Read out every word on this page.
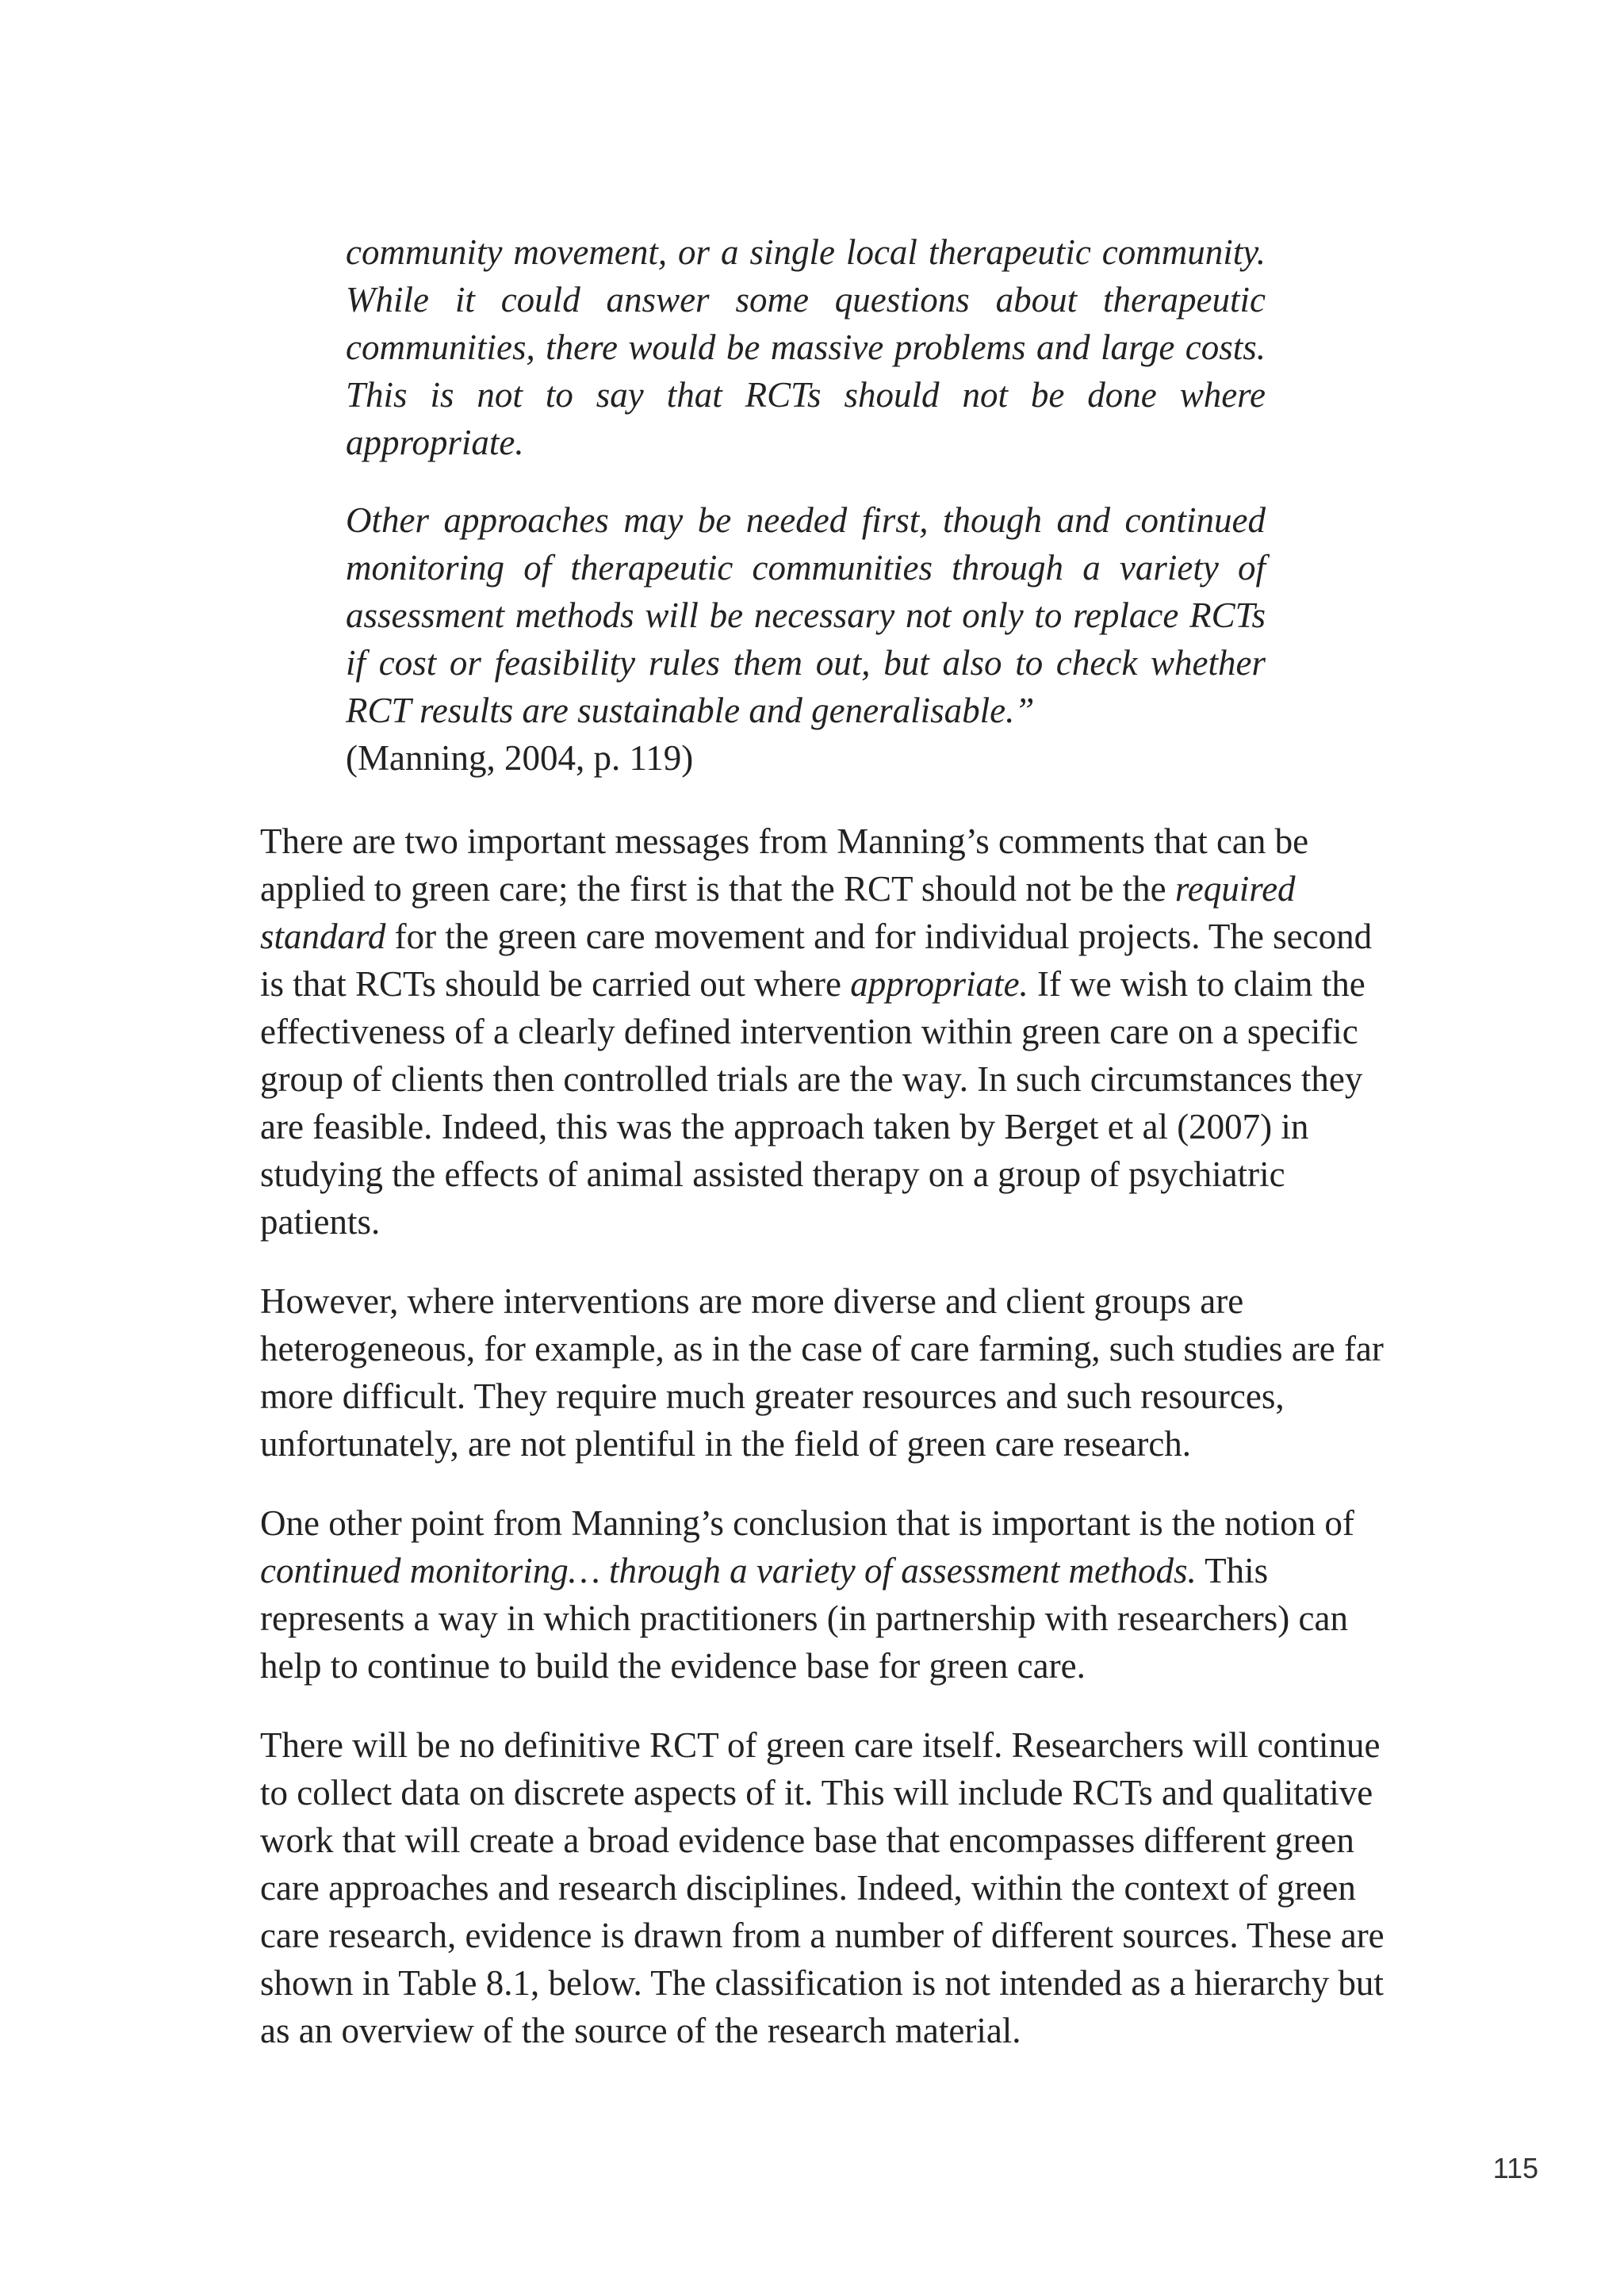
community movement, or a single local therapeutic community. While it could answer some questions about therapeutic communities, there would be massive problems and large costs. This is not to say that RCTs should not be done where appropriate.

Other approaches may be needed first, though and continued monitoring of therapeutic communities through a variety of assessment methods will be necessary not only to replace RCTs if cost or feasibility rules them out, but also to check whether RCT results are sustainable and generalisable.”
(Manning, 2004, p. 119)

There are two important messages from Manning’s comments that can be applied to green care; the first is that the RCT should not be the required standard for the green care movement and for individual projects. The second is that RCTs should be carried out where appropriate. If we wish to claim the effectiveness of a clearly defined intervention within green care on a specific group of clients then controlled trials are the way. In such circumstances they are feasible. Indeed, this was the approach taken by Berget et al (2007) in studying the effects of animal assisted therapy on a group of psychiatric patients.

However, where interventions are more diverse and client groups are heterogeneous, for example, as in the case of care farming, such studies are far more difficult. They require much greater resources and such resources, unfortunately, are not plentiful in the field of green care research.

One other point from Manning’s conclusion that is important is the notion of continued monitoring… through a variety of assessment methods. This represents a way in which practitioners (in partnership with researchers) can help to continue to build the evidence base for green care.

There will be no definitive RCT of green care itself. Researchers will continue to collect data on discrete aspects of it. This will include RCTs and qualitative work that will create a broad evidence base that encompasses different green care approaches and research disciplines. Indeed, within the context of green care research, evidence is drawn from a number of different sources. These are shown in Table 8.1, below. The classification is not intended as a hierarchy but as an overview of the source of the research material.

115
